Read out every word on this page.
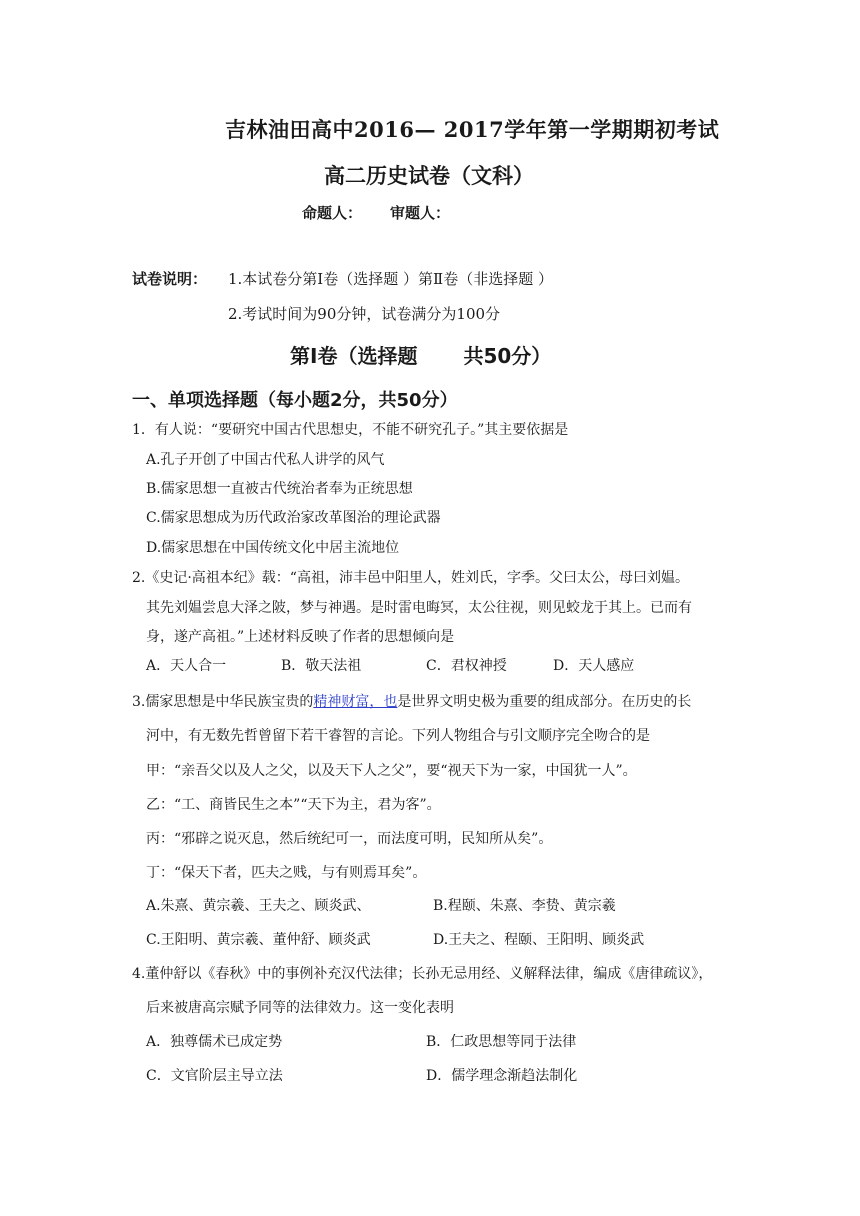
吉林油田高中2016— 2017学年第一学期期初考试
高二历史试卷（文科）
命题人： 审题人：
试卷说明： 1.本试卷分第Ⅰ卷（选择题 ）第Ⅱ卷（非选择题 ）
2.考试时间为90分钟，试卷满分为100分
第Ⅰ卷（选择题 共50分）
一、单项选择题（每小题2分，共50分）
1．有人说：“要研究中国古代思想史，不能不研究孔子。”其主要依据是
A.孔子开创了中国古代私人讲学的风气
B.儒家思想一直被古代统治者奉为正统思想
C.儒家思想成为历代政治家改革图治的理论武器
D.儒家思想在中国传统文化中居主流地位
2.《史记·高祖本纪》载：“高祖，沛丰邑中阳里人，姓刘氏，字季。父曰太公，母曰刘媪。
其先刘媪尝息大泽之陂，梦与神遇。是时雷电晦冥，太公往视，则见蛟龙于其上。已而有
身，遂产高祖。”上述材料反映了作者的思想倾向是
A．天人合一	B．敬天法祖	C．君权神授	D．天人感应
3.儒家思想是中华民族宝贵的精神财富，也是世界文明史极为重要的组成部分。在历史的长
河中，有无数先哲曾留下若干睿智的言论。下列人物组合与引文顺序完全吻合的是
甲：“亲吾父以及人之父，以及天下人之父”，要“视天下为一家，中国犹一人”。
乙：“工、商皆民生之本”“天下为主，君为客”。
丙：“邪辟之说灭息，然后统纪可一，而法度可明，民知所从矣”。
丁：“保天下者，匹夫之贱，与有则焉耳矣”。
A.朱熹、黄宗羲、王夫之、顾炎武、	B.程颐、朱熹、李贽、黄宗羲
C.王阳明、黄宗羲、董仲舒、顾炎武	D.王夫之、程颐、王阳明、顾炎武
4.董仲舒以《春秋》中的事例补充汉代法律；长孙无忌用经、义解释法律，编成《唐律疏议》，
后来被唐高宗赋予同等的法律效力。这一变化表明
A．独尊儒术已成定势	B．仁政思想等同于法律
C．文官阶层主导立法	D．儒学理念渐趋法制化
